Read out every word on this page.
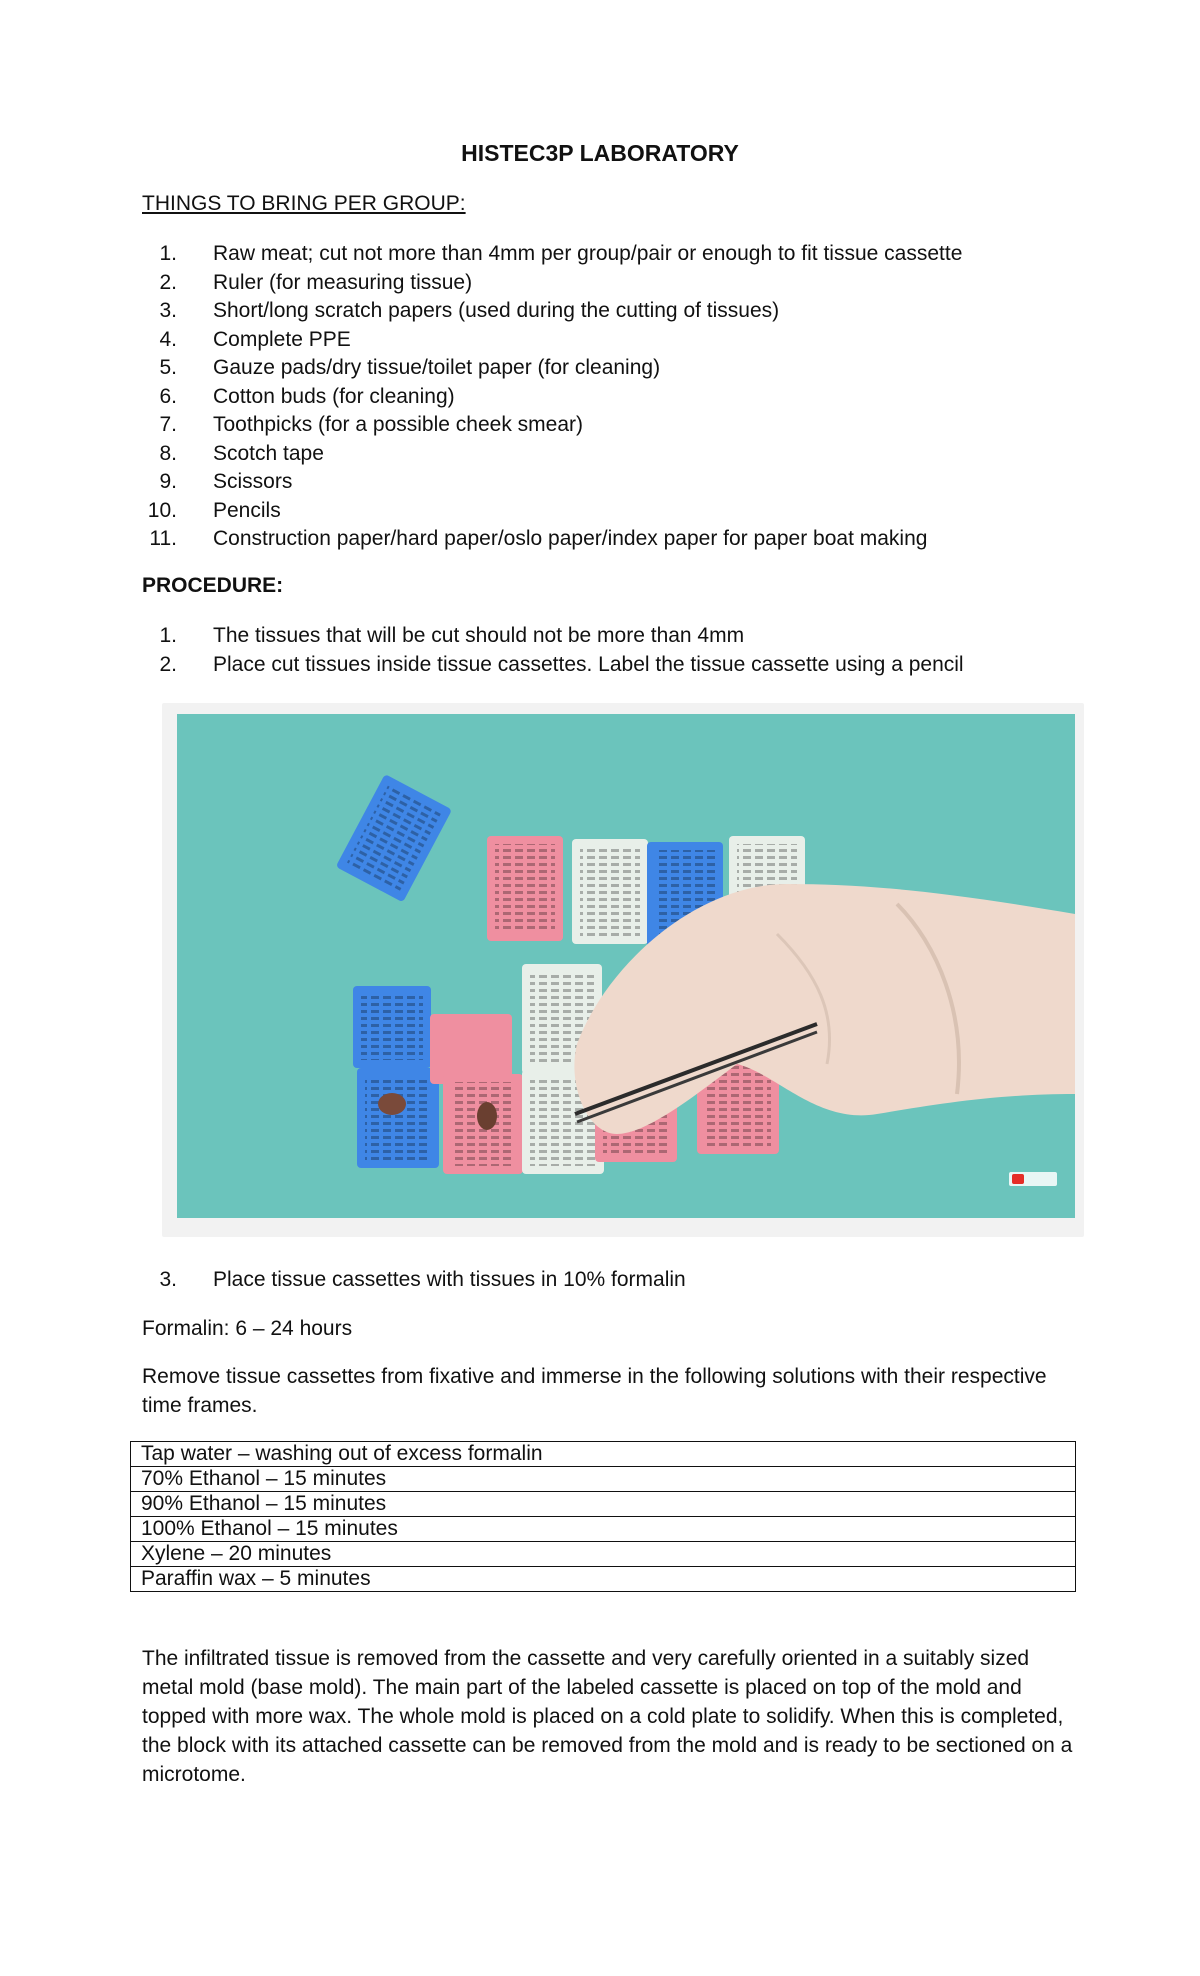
HISTEC3P LABORATORY
THINGS TO BRING PER GROUP:
1. Raw meat; cut not more than 4mm per group/pair or enough to fit tissue cassette
2. Ruler (for measuring tissue)
3. Short/long scratch papers (used during the cutting of tissues)
4. Complete PPE
5. Gauze pads/dry tissue/toilet paper (for cleaning)
6. Cotton buds (for cleaning)
7. Toothpicks (for a possible cheek smear)
8. Scotch tape
9. Scissors
10. Pencils
11. Construction paper/hard paper/oslo paper/index paper for paper boat making
PROCEDURE:
1. The tissues that will be cut should not be more than 4mm
2. Place cut tissues inside tissue cassettes. Label the tissue cassette using a pencil
3. Place tissue cassettes with tissues in 10% formalin
Formalin: 6 – 24 hours
Remove tissue cassettes from fixative and immerse in the following solutions with their respective time frames.
Tap water – washing out of excess formalin
70% Ethanol – 15 minutes
90% Ethanol – 15 minutes
100% Ethanol – 15 minutes
Xylene – 20 minutes
Paraffin wax – 5 minutes
The infiltrated tissue is removed from the cassette and very carefully oriented in a suitably sized metal mold (base mold). The main part of the labeled cassette is placed on top of the mold and topped with more wax. The whole mold is placed on a cold plate to solidify. When this is completed, the block with its attached cassette can be removed from the mold and is ready to be sectioned on a microtome.
